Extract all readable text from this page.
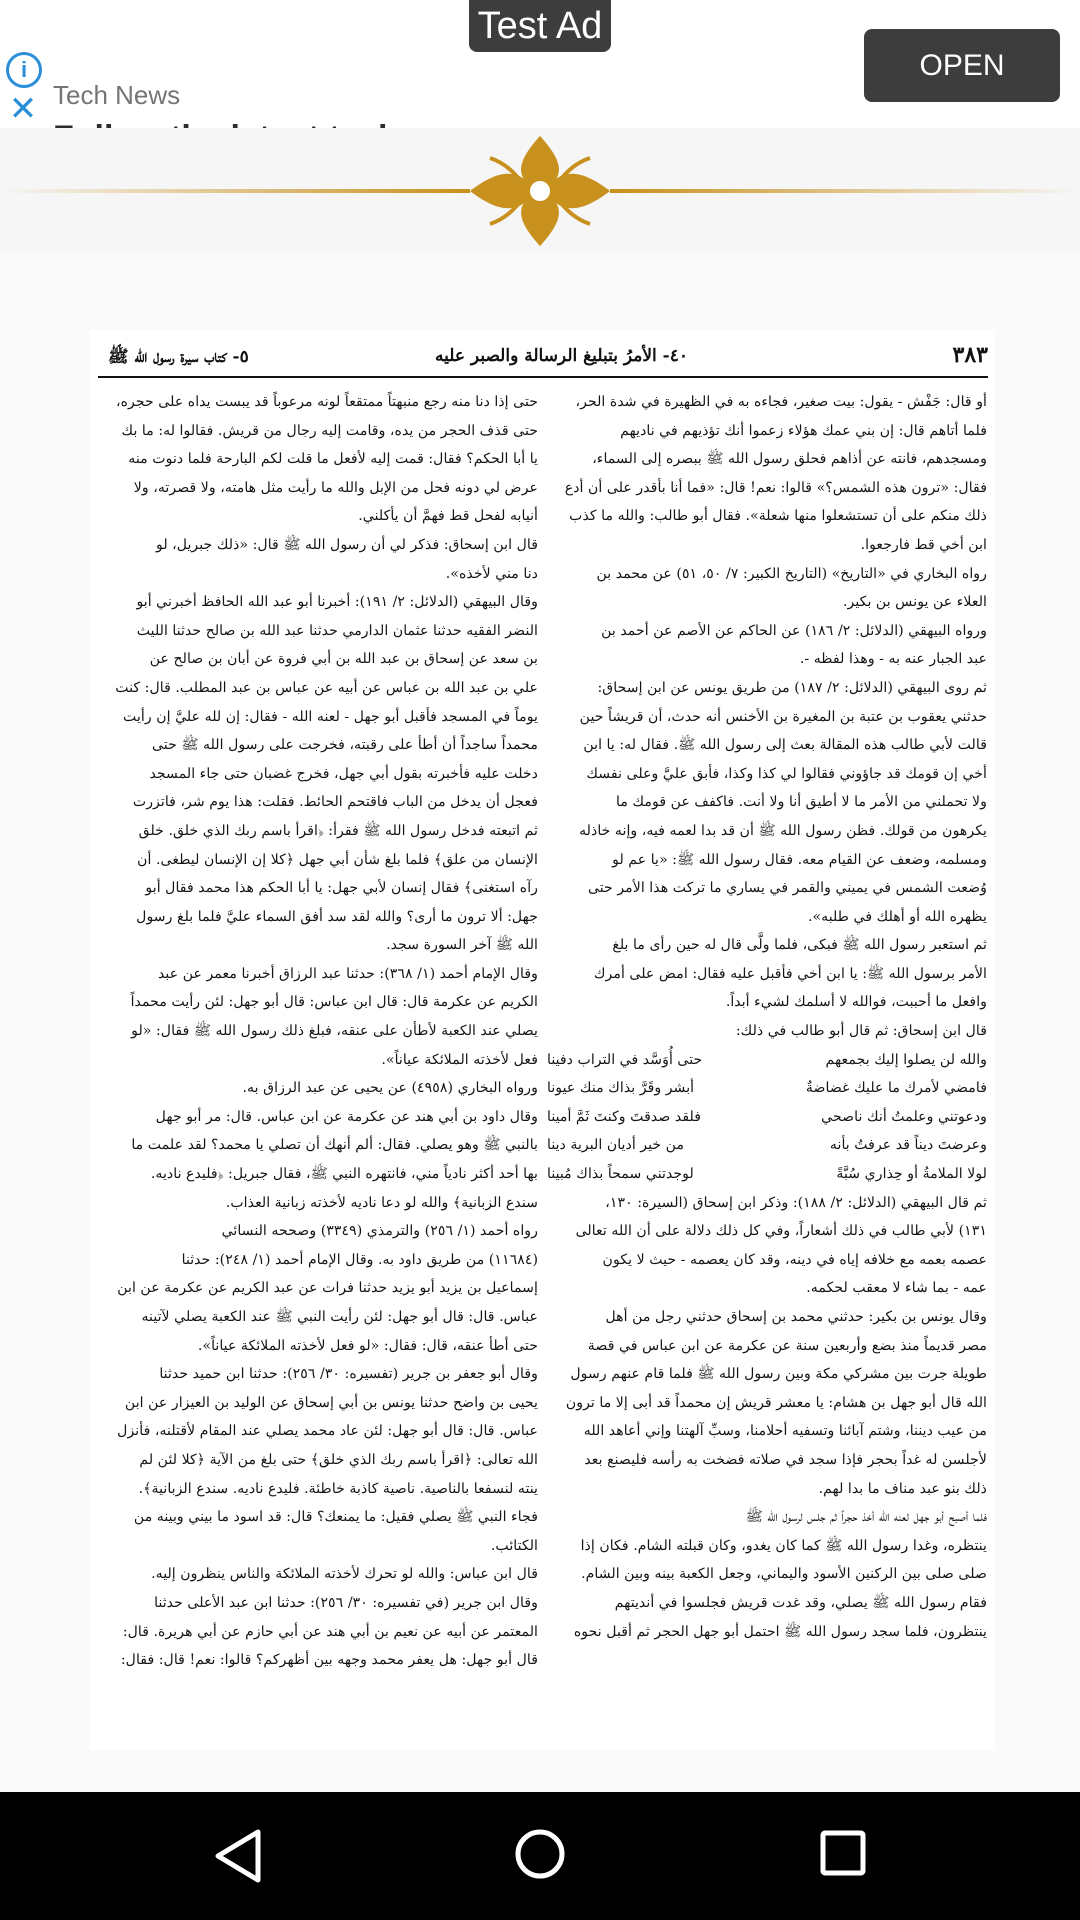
Test Ad
i
✕ Tech News
OPEN
٣٨٣
٤٠- الأمرُ بتبليغ الرسالة والصبر عليه
٥- كتاب سيرة رسول الله ﷺ
أو قال: جَفْش - يقول: بيت صغير، فجاءه به في الظهيرة في شدة الحر،
فلما أتاهم قال: إن بني عمك هؤلاء زعموا أنك تؤذيهم في ناديهم
ومسجدهم، فانته عن أذاهم فحلق رسول الله ﷺ ببصره إلى السماء،
فقال: «ترون هذه الشمس؟» قالوا: نعم! قال: «فما أنا بأقدر على أن أدع
ذلك منكم على أن تستشعلوا منها شعلة». فقال أبو طالب: والله ما كذب
ابن أخي قط فارجعوا.
رواه البخاري في «التاريخ» (التاريخ الكبير: ٧/ ٥٠، ٥١) عن محمد بن
العلاء عن يونس بن بكير.
ورواه البيهقي (الدلائل: ٢/ ١٨٦) عن الحاكم عن الأصم عن أحمد بن
عبد الجبار عنه به - وهذا لفظه -.
ثم روى البيهقي (الدلائل: ٢/ ١٨٧) من طريق يونس عن ابن إسحاق:
حدثني يعقوب بن عتبة بن المغيرة بن الأخنس أنه حدث، أن قريشاً حين
قالت لأبي طالب هذه المقالة بعث إلى رسول الله ﷺ. فقال له: يا ابن
أخي إن قومك قد جاؤوني فقالوا لي كذا وكذا، فأبق عليَّ وعلى نفسك
ولا تحملني من الأمر ما لا أطيق أنا ولا أنت. فاكفف عن قومك ما
يكرهون من قولك. فظن رسول الله ﷺ أن قد بدا لعمه فيه، وإنه خاذله
ومسلمه، وضعف عن القيام معه. فقال رسول الله ﷺ: «يا عم لو
وُضعت الشمس في يميني والقمر في يساري ما تركت هذا الأمر حتى
يظهره الله أو أهلك في طلبه».
ثم استعبر رسول الله ﷺ فبكى، فلما ولَّى قال له حين رأى ما بلغ
الأمر برسول الله ﷺ: يا ابن أخي فأقبل عليه فقال: امض على أمرك
وافعل ما أحببت، فوالله لا أسلمك لشيء أبداً.
قال ابن إسحاق: ثم قال أبو طالب في ذلك:
والله لن يصلوا إليك بجمعهم
حتى أُوَسَّد في التراب دفينا
فامضي لأمرك ما عليك غضاضةٌ
أبشر وقَرَّ بذاك منك عيونا
ودعوتني وعلمتُ أنك ناصحي
فلقد صدقتَ وكنتَ ثَمَّ أمينا
وعرضتَ ديناً قد عرفتُ بأنه
من خير أديان البرية دينا
لولا الملامةُ أو حِذاري سُبَّةً
لوجدتني سمحاً بذاك مُبينا
ثم قال البيهقي (الدلائل: ٢/ ١٨٨): وذكر ابن إسحاق (السيرة: ١٣٠،
١٣١) لأبي طالب في ذلك أشعاراً، وفي كل ذلك دلالة على أن الله تعالى
عصمه بعمه مع خلافه إياه في دينه، وقد كان يعصمه - حيث لا يكون
عمه - بما شاء لا معقب لحكمه.
وقال يونس بن بكير: حدثني محمد بن إسحاق حدثني رجل من أهل
مصر قديماً منذ بضع وأربعين سنة عن عكرمة عن ابن عباس في قصة
طويلة جرت بين مشركي مكة وبين رسول الله ﷺ فلما قام عنهم رسول
الله قال أبو جهل بن هشام: يا معشر قريش إن محمداً قد أبى إلا ما ترون
من عيب ديننا، وشتم آبائنا وتسفيه أحلامنا، وسبِّ آلهتنا وإني أعاهد الله
لأجلسن له غداً بحجر فإذا سجد في صلاته فضخت به رأسه فليصنع بعد
ذلك بنو عبد مناف ما بدا لهم.
فلما أصبح أبو جهل لعنه الله أخذ حجراً ثم جلس لرسول الله ﷺ
ينتظره، وغدا رسول الله ﷺ كما كان يغدو، وكان قبلته الشام. فكان إذا
صلى صلى بين الركنين الأسود واليماني، وجعل الكعبة بينه وبين الشام.
فقام رسول الله ﷺ يصلي، وقد غدت قريش فجلسوا في أنديتهم
ينتظرون، فلما سجد رسول الله ﷺ احتمل أبو جهل الحجر ثم أقبل نحوه
حتى إذا دنا منه رجع منبهتاً ممتقعاً لونه مرعوباً قد يبست يداه على حجره،
حتى قذف الحجر من يده، وقامت إليه رجال من قريش. فقالوا له: ما بك
يا أبا الحكم؟ فقال: قمت إليه لأفعل ما قلت لكم البارحة فلما دنوت منه
عرض لي دونه فحل من الإبل والله ما رأيت مثل هامته، ولا قصرته، ولا
أنيابه لفحل قط فهمَّ أن يأكلني.
قال ابن إسحاق: فذكر لي أن رسول الله ﷺ قال: «ذلك جبريل، لو
دنا مني لأخذه».
وقال البيهقي (الدلائل: ٢/ ١٩١): أخبرنا أبو عبد الله الحافظ أخبرني أبو
النضر الفقيه حدثنا عثمان الدارمي حدثنا عبد الله بن صالح حدثنا الليث
بن سعد عن إسحاق بن عبد الله بن أبي فروة عن أبان بن صالح عن
علي بن عبد الله بن عباس عن أبيه عن عباس بن عبد المطلب. قال: كنت
يوماً في المسجد فأقبل أبو جهل - لعنه الله - فقال: إن لله عليَّ إن رأيت
محمداً ساجداً أن أطأ على رقبته، فخرجت على رسول الله ﷺ حتى
دخلت عليه فأخبرته بقول أبي جهل، فخرج غضبان حتى جاء المسجد
فعجل أن يدخل من الباب فاقتحم الحائط. فقلت: هذا يوم شر، فاتزرت
ثم اتبعته فدخل رسول الله ﷺ فقرأ: ﴿اقرأ باسم ربك الذي خلق. خلق
الإنسان من علق﴾ فلما بلغ شأن أبي جهل ﴿كلا إن الإنسان ليطغى. أن
رآه استغنى﴾ فقال إنسان لأبي جهل: يا أبا الحكم هذا محمد فقال أبو
جهل: ألا ترون ما أرى؟ والله لقد سد أفق السماء عليَّ فلما بلغ رسول
الله ﷺ آخر السورة سجد.
وقال الإمام أحمد (١/ ٣٦٨): حدثنا عبد الرزاق أخبرنا معمر عن عبد
الكريم عن عكرمة قال: قال ابن عباس: قال أبو جهل: لئن رأيت محمداً
يصلي عند الكعبة لأطأن على عنقه، فبلغ ذلك رسول الله ﷺ فقال: «لو
فعل لأخذته الملائكة عياناً».
ورواه البخاري (٤٩٥٨) عن يحيى عن عبد الرزاق به.
وقال داود بن أبي هند عن عكرمة عن ابن عباس. قال: مر أبو جهل
بالنبي ﷺ وهو يصلي. فقال: ألم أنهك أن تصلي يا محمد؟ لقد علمت ما
بها أحد أكثر نادياً مني، فانتهره النبي ﷺ، فقال جبريل: ﴿فليدع ناديه.
سندع الزبانية﴾ والله لو دعا ناديه لأخذته زبانية العذاب.
رواه أحمد (١/ ٢٥٦) والترمذي (٣٣٤٩) وصححه النسائي
(١١٦٨٤) من طريق داود به. وقال الإمام أحمد (١/ ٢٤٨): حدثنا
إسماعيل بن يزيد أبو يزيد حدثنا فرات عن عبد الكريم عن عكرمة عن ابن
عباس. قال: قال أبو جهل: لئن رأيت النبي ﷺ عند الكعبة يصلي لآتينه
حتى أطأ عنقه، قال: فقال: «لو فعل لأخذته الملائكة عياناً».
وقال أبو جعفر بن جرير (تفسيره: ٣٠/ ٢٥٦): حدثنا ابن حميد حدثنا
يحيى بن واضح حدثنا يونس بن أبي إسحاق عن الوليد بن العيزار عن ابن
عباس. قال: قال أبو جهل: لئن عاد محمد يصلي عند المقام لأقتلنه، فأنزل
الله تعالى: ﴿اقرأ باسم ربك الذي خلق﴾ حتى بلغ من الآية ﴿كلا لئن لم
ينته لنسفعا بالناصية. ناصية كاذبة خاطئة. فليدع ناديه. سندع الزبانية﴾.
فجاء النبي ﷺ يصلي فقيل: ما يمنعك؟ قال: قد اسود ما بيني وبينه من
الكتائب.
قال ابن عباس: والله لو تحرك لأخذته الملائكة والناس ينظرون إليه.
وقال ابن جرير (في تفسيره: ٣٠/ ٢٥٦): حدثنا ابن عبد الأعلى حدثنا
المعتمر عن أبيه عن نعيم بن أبي هند عن أبي حازم عن أبي هريرة. قال:
قال أبو جهل: هل يعفر محمد وجهه بين أظهركم؟ قالوا: نعم! قال: فقال:
